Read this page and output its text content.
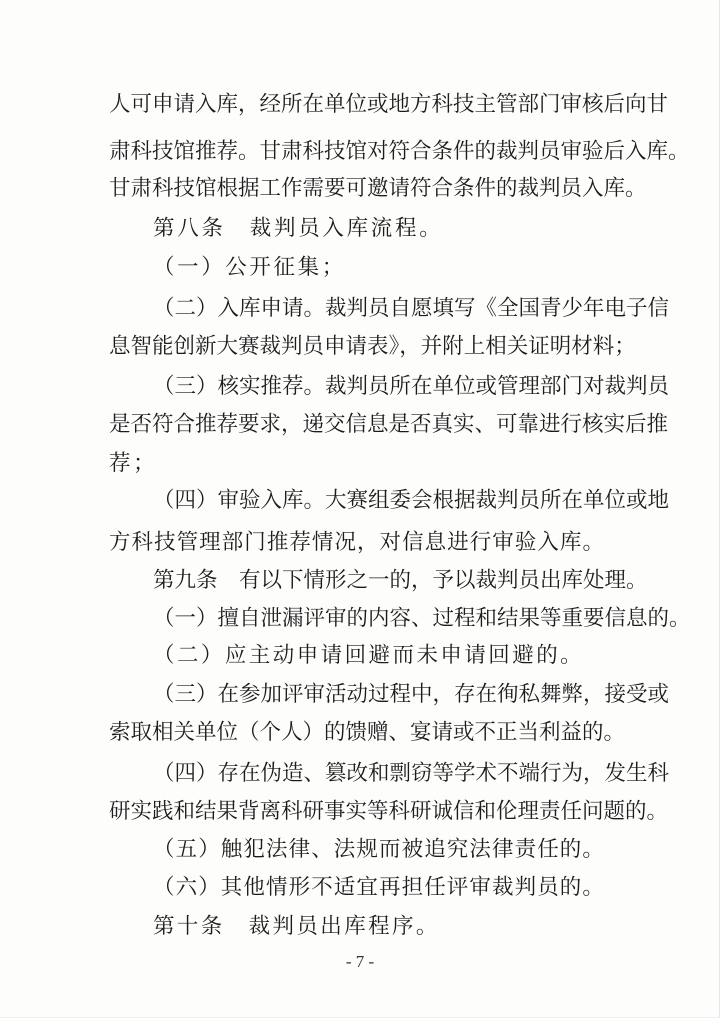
人可申请入库，经所在单位或地方科技主管部门审核后向甘
肃科技馆推荐。甘肃科技馆对符合条件的裁判员审验后入库。
甘肃科技馆根据工作需要可邀请符合条件的裁判员入库。
第八条　裁判员入库流程。
（一）公开征集；
（二）入库申请。裁判员自愿填写《全国青少年电子信
息智能创新大赛裁判员申请表》，并附上相关证明材料；
（三）核实推荐。裁判员所在单位或管理部门对裁判员
是否符合推荐要求，递交信息是否真实、可靠进行核实后推
荐；
（四）审验入库。大赛组委会根据裁判员所在单位或地
方科技管理部门推荐情况，对信息进行审验入库。
第九条　有以下情形之一的，予以裁判员出库处理。
（一）擅自泄漏评审的内容、过程和结果等重要信息的。
（二）应主动申请回避而未申请回避的。
（三）在参加评审活动过程中，存在徇私舞弊，接受或
索取相关单位（个人）的馈赠、宴请或不正当利益的。
（四）存在伪造、篡改和剽窃等学术不端行为，发生科
研实践和结果背离科研事实等科研诚信和伦理责任问题的。
（五）触犯法律、法规而被追究法律责任的。
（六）其他情形不适宜再担任评审裁判员的。
第十条　裁判员出库程序。
- 7 -
